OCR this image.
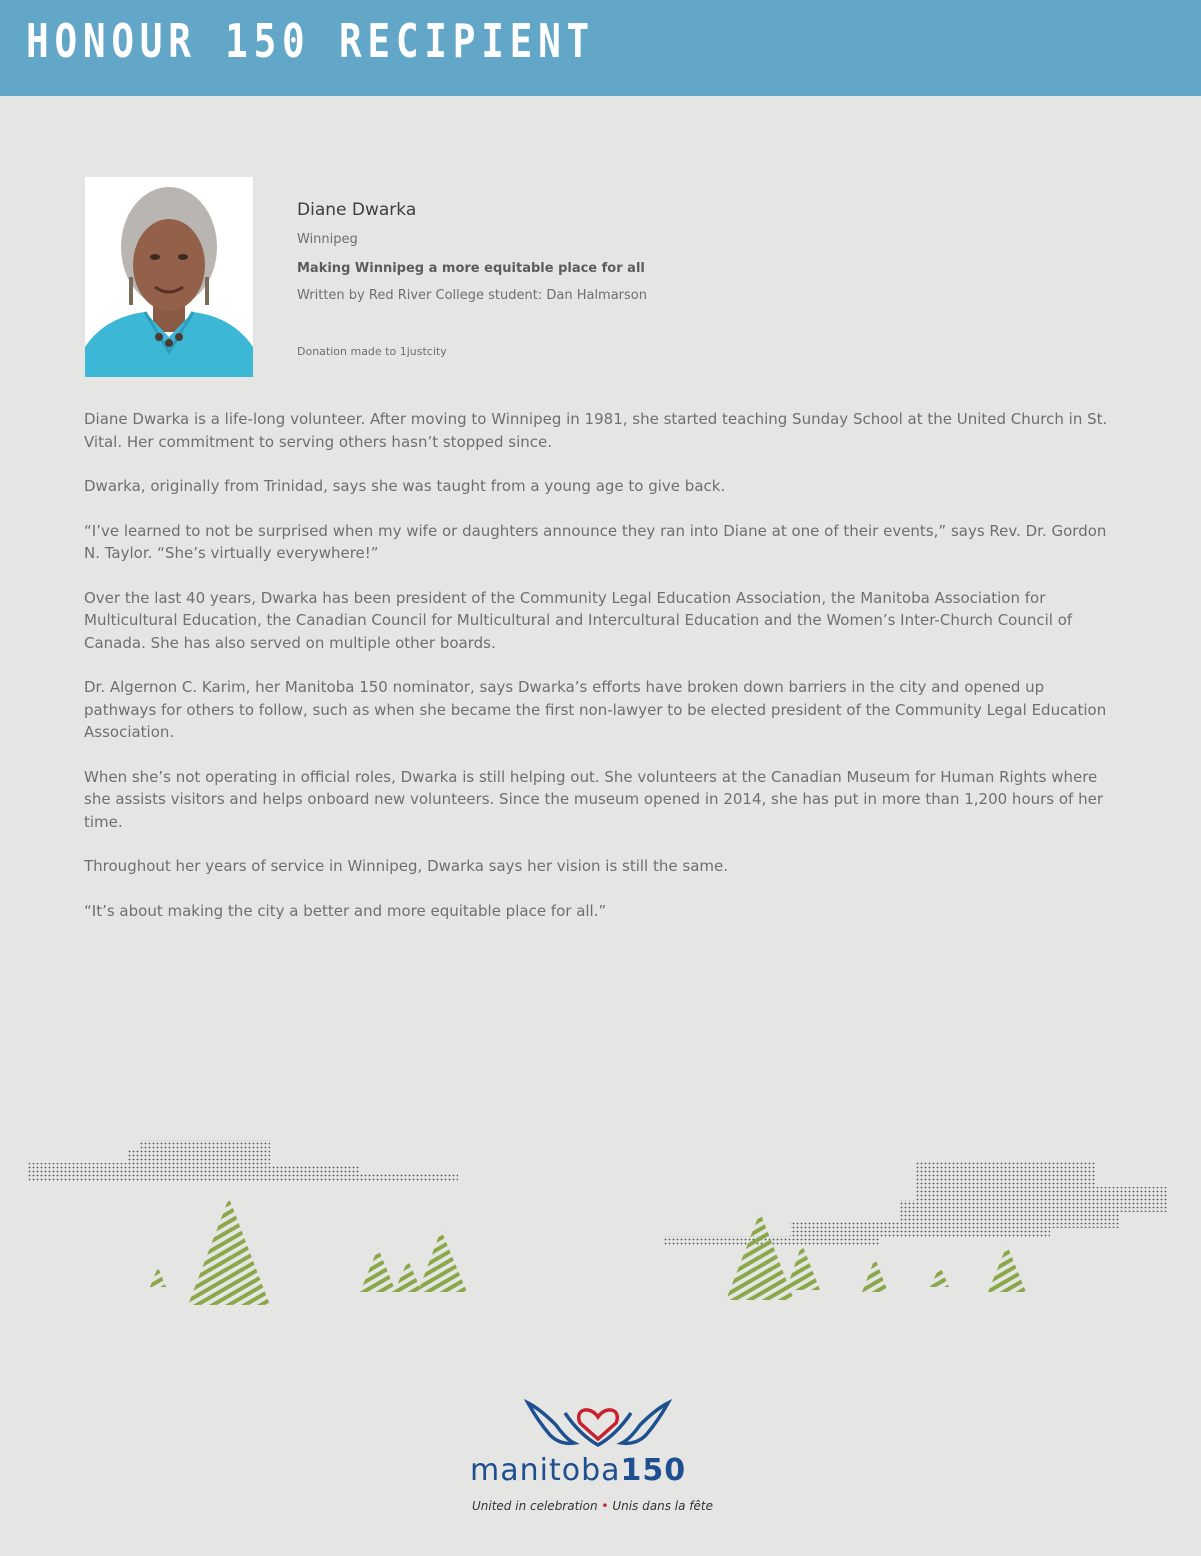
HONOUR 150 RECIPIENT
Diane Dwarka
Winnipeg
Making Winnipeg a more equitable place for all
Written by Red River College student: Dan Halmarson
Donation made to 1justcity

Diane Dwarka is a life-long volunteer. After moving to Winnipeg in 1981, she started teaching Sunday School at the United Church in St. Vital. Her commitment to serving others hasn’t stopped since.

Dwarka, originally from Trinidad, says she was taught from a young age to give back.

“I’ve learned to not be surprised when my wife or daughters announce they ran into Diane at one of their events,” says Rev. Dr. Gordon N. Taylor. “She’s virtually everywhere!”

Over the last 40 years, Dwarka has been president of the Community Legal Education Association, the Manitoba Association for Multicultural Education, the Canadian Council for Multicultural and Intercultural Education and the Women’s Inter-Church Council of Canada. She has also served on multiple other boards.

Dr. Algernon C. Karim, her Manitoba 150 nominator, says Dwarka’s efforts have broken down barriers in the city and opened up pathways for others to follow, such as when she became the first non-lawyer to be elected president of the Community Legal Education Association.

When she’s not operating in official roles, Dwarka is still helping out. She volunteers at the Canadian Museum for Human Rights where she assists visitors and helps onboard new volunteers. Since the museum opened in 2014, she has put in more than 1,200 hours of her time.

Throughout her years of service in Winnipeg, Dwarka says her vision is still the same.

“It’s about making the city a better and more equitable place for all.”

manitoba150
United in celebration • Unis dans la fête
